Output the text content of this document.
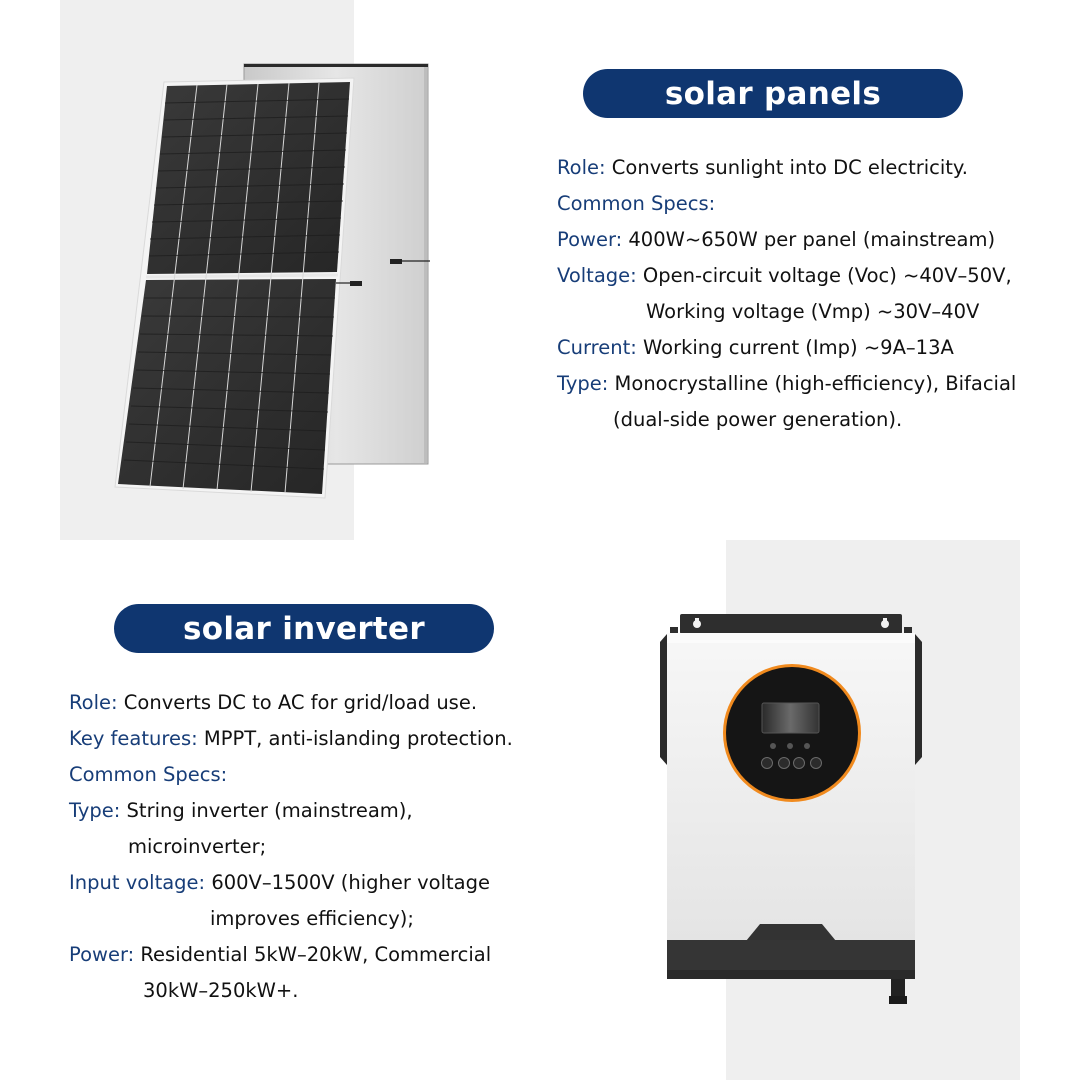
solar panels
Role: Converts sunlight into DC electricity.
Common Specs:
Power: 400W~650W per panel (mainstream)
Voltage: Open-circuit voltage (Voc) ~40V–50V,
Working voltage (Vmp) ~30V–40V
Current: Working current (Imp) ~9A–13A
Type: Monocrystalline (high-efficiency), Bifacial
(dual-side power generation).
solar inverter
Role: Converts DC to AC for grid/load use.
Key features: MPPT, anti-islanding protection.
Common Specs:
Type: String inverter (mainstream),
microinverter;
Input voltage: 600V–1500V (higher voltage
improves efficiency);
Power: Residential 5kW–20kW, Commercial
30kW–250kW+.
